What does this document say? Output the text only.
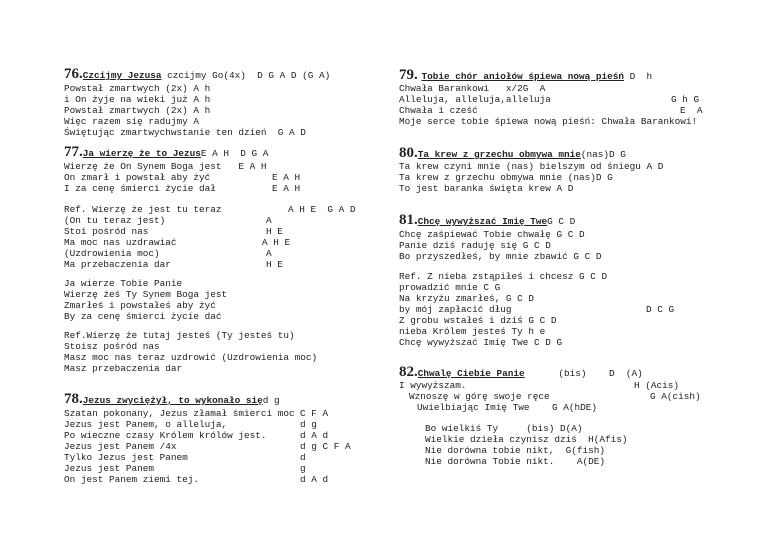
76.Czcijmy Jezusa czcijmy Go(4x)  D G A D (G A)
Powstał zmartwych (2x) A h
i On żyje na wieki już A h
Powstał zmartwych (2x) A h
Więc razem się radujmy A
Świętując zmartwychwstanie ten dzień  G A D
77.Ja wierzę że to JezusE A H  D G A
Wierzę że On Synem Boga jest   E A H
On zmarł i powstał aby żyć	E A H
I za cenę śmierci życie dał	E A H
Ref. Wierzę że jest tu teraz	A H E  G A D
(On tu teraz jest)	A
Stoi pośród nas	H E
Ma moc nas uzdrawiać	A H E
(Uzdrowienia moc)	A
Ma przebaczenia dar	H E
Ja wierze Tobie Panie
Wierzę żeś Ty Synem Boga jest
Zmarłeś i powstałeś aby żyć
By za cenę śmierci życie dać
Ref.Wierzę że tutaj jesteś (Ty jesteś tu)
Stoisz pośród nas
Masz moc nas teraz uzdrowić (Uzdrowienia moc)
Masz przebaczenia dar
78.Jezus zwyciężył, to wykonało sięd g
Szatan pokonany, Jezus złamał śmierci moc C F A
Jezus jest Panem, o alleluja,	d g
Po wieczne czasy Królem królów jest.	d A d
Jezus jest Panem /4x	d g C F A
Tylko Jezus jest Panem	d
Jezus jest Panem	g
On jest Panem ziemi tej.	d A d
79. Tobie chór aniołów śpiewa nową pieśń D  h
Chwała Barankowi   x/2G  A
Alleluja, alleluja,alleluja	G h G
Chwała i cześć	E  A
Moje serce tobie śpiewa nową pieśń: Chwała Barankowi!
80.Ta krew z grzechu obmywa mnie(nas)D G
Ta krew czyni mnie (nas) bielszym od śniegu A D
Ta krew z grzechu obmywa mnie (nas)D G
To jest baranka święta krew A D
81.Chcę wywyższać Imię TweG C D
Chcę zaśpiewać Tobie chwałę G C D
Panie dziś raduję się G C D
Bo przyszedłeś, by mnie zbawić G C D
Ref. Z nieba zstąpiłeś i chcesz G C D
prowadzić mnie C G
Na krzyżu zmarłeś, G C D
by mój zapłacić dług	D C G
Z grobu wstałeś i dziś G C D
nieba Królem jesteś Ty h e
Chcę wywyższać Imię Twe C D G
82.Chwalę Ciebie Panie      (bis)    D  (A)
I wywyższam.	H (Acis)
Wznoszę w górę swoje ręce	G A(cish)
Uwielbiając Imię Twe    G A(hDE)
Bo wielkiś Ty     (bis) D(A)
Wielkie dzieła czynisz dziś  H(Afis)
Nie dorówna tobie nikt,  G(fish)
Nie dorówna Tobie nikt.    A(DE)
